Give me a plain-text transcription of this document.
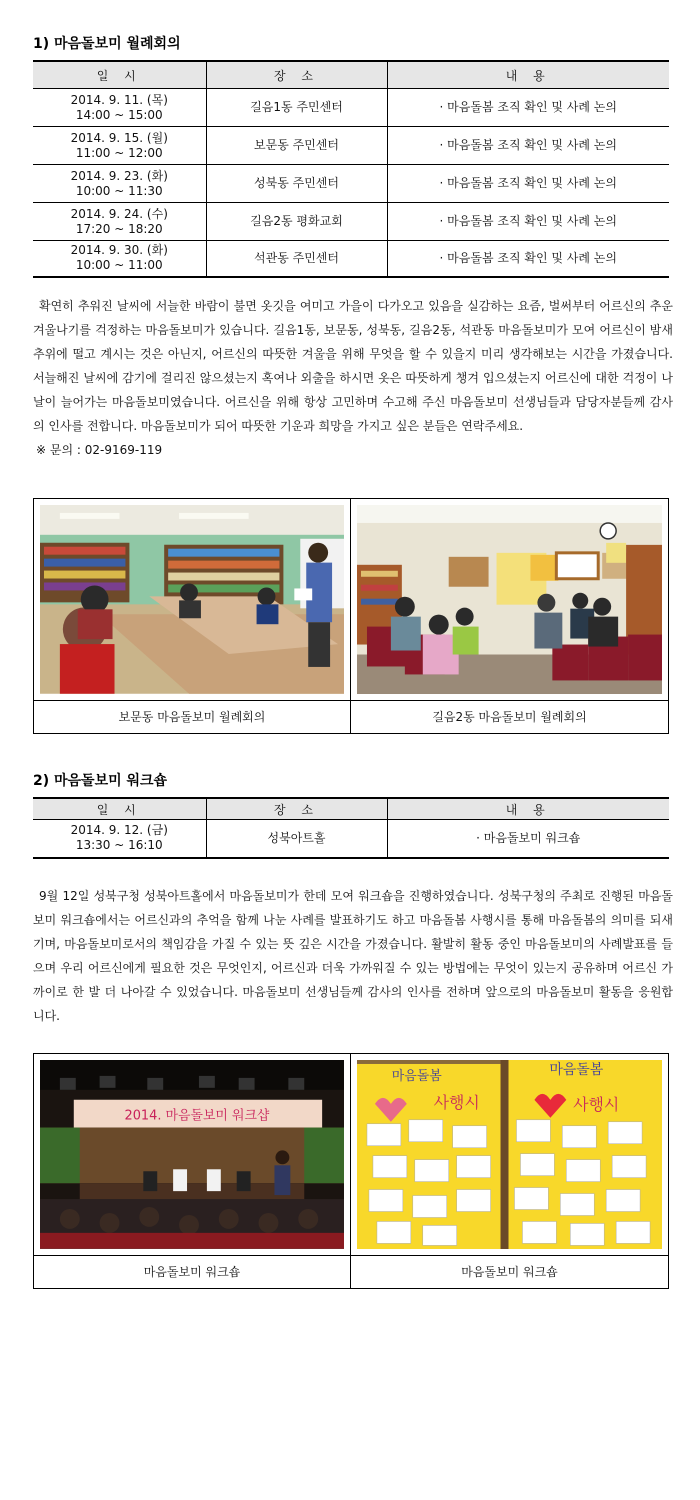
1) 마음돌보미 월례회의
일 시	장 소	내 용

2014. 9. 11. (목)
14:00 ~ 15:00	길음1동 주민센터	· 마음돌봄 조직 확인 및 사례 논의

2014. 9. 15. (월)
11:00 ~ 12:00	보문동 주민센터	· 마음돌봄 조직 확인 및 사례 논의

2014. 9. 23. (화)
10:00 ~ 11:30	성북동 주민센터	· 마음돌봄 조직 확인 및 사례 논의

2014. 9. 24. (수)
17:20 ~ 18:20	길음2동 평화교회	· 마음돌봄 조직 확인 및 사례 논의

2014. 9. 30. (화)
10:00 ~ 11:00	석관동 주민센터	· 마음돌봄 조직 확인 및 사례 논의

확연히 추워진 날씨에 서늘한 바람이 불면 옷깃을 여미고 가을이 다가오고 있음을 실감하는 요즘, 벌써부터 어르신의 추운 겨울나기를 걱정하는 마음돌보미가 있습니다. 길음1동, 보문동, 성북동, 길음2동, 석관동 마음돌보미가 모여 어르신이 밤새 추위에 떨고 계시는 것은 아닌지, 어르신의 따뜻한 겨울을 위해 무엇을 할 수 있을지 미리 생각해보는 시간을 가졌습니다. 서늘해진 날씨에 감기에 걸리진 않으셨는지 혹여나 외출을 하시면 옷은 따뜻하게 챙겨 입으셨는지 어르신에 대한 걱정이 나날이 늘어가는 마음돌보미였습니다. 어르신을 위해 항상 고민하며 수고해 주신 마음돌보미 선생님들과 담당자분들께 감사의 인사를 전합니다. 마음돌보미가 되어 따뜻한 기운과 희망을 가지고 싶은 분들은 연락주세요.

※ 문의 : 02-9169-119

보문동 마음돌보미 월례회의	길음2동 마음돌보미 월례회의
2) 마음돌보미 워크숍
일 시	장 소	내 용

2014. 9. 12. (금)
13:30 ~ 16:10	성북아트홀	· 마음돌보미 워크숍

9월 12일 성북구청 성북아트홀에서 마음돌보미가 한데 모여 워크숍을 진행하였습니다. 성북구청의 주최로 진행된 마음돌보미 워크숍에서는 어르신과의 추억을 함께 나눈 사례를 발표하기도 하고 마음돌봄 사행시를 통해 마음돌봄의 의미를 되새기며, 마음돌보미로서의 책임감을 가질 수 있는 뜻 깊은 시간을 가졌습니다. 활발히 활동 중인 마음돌보미의 사례발표를 들으며 우리 어르신에게 필요한 것은 무엇인지, 어르신과 더욱 가까워질 수 있는 방법에는 무엇이 있는지 공유하며 어르신 가까이로 한 발 더 나아갈 수 있었습니다. 마음돌보미 선생님들께 감사의 인사를 전하며 앞으로의 마음돌보미 활동을 응원합니다.

2014. 마음돌보미 워크샵
마음돌봄
사행시
마음돌봄
사행시
마음돌보미 워크숍	마음돌보미 워크숍
